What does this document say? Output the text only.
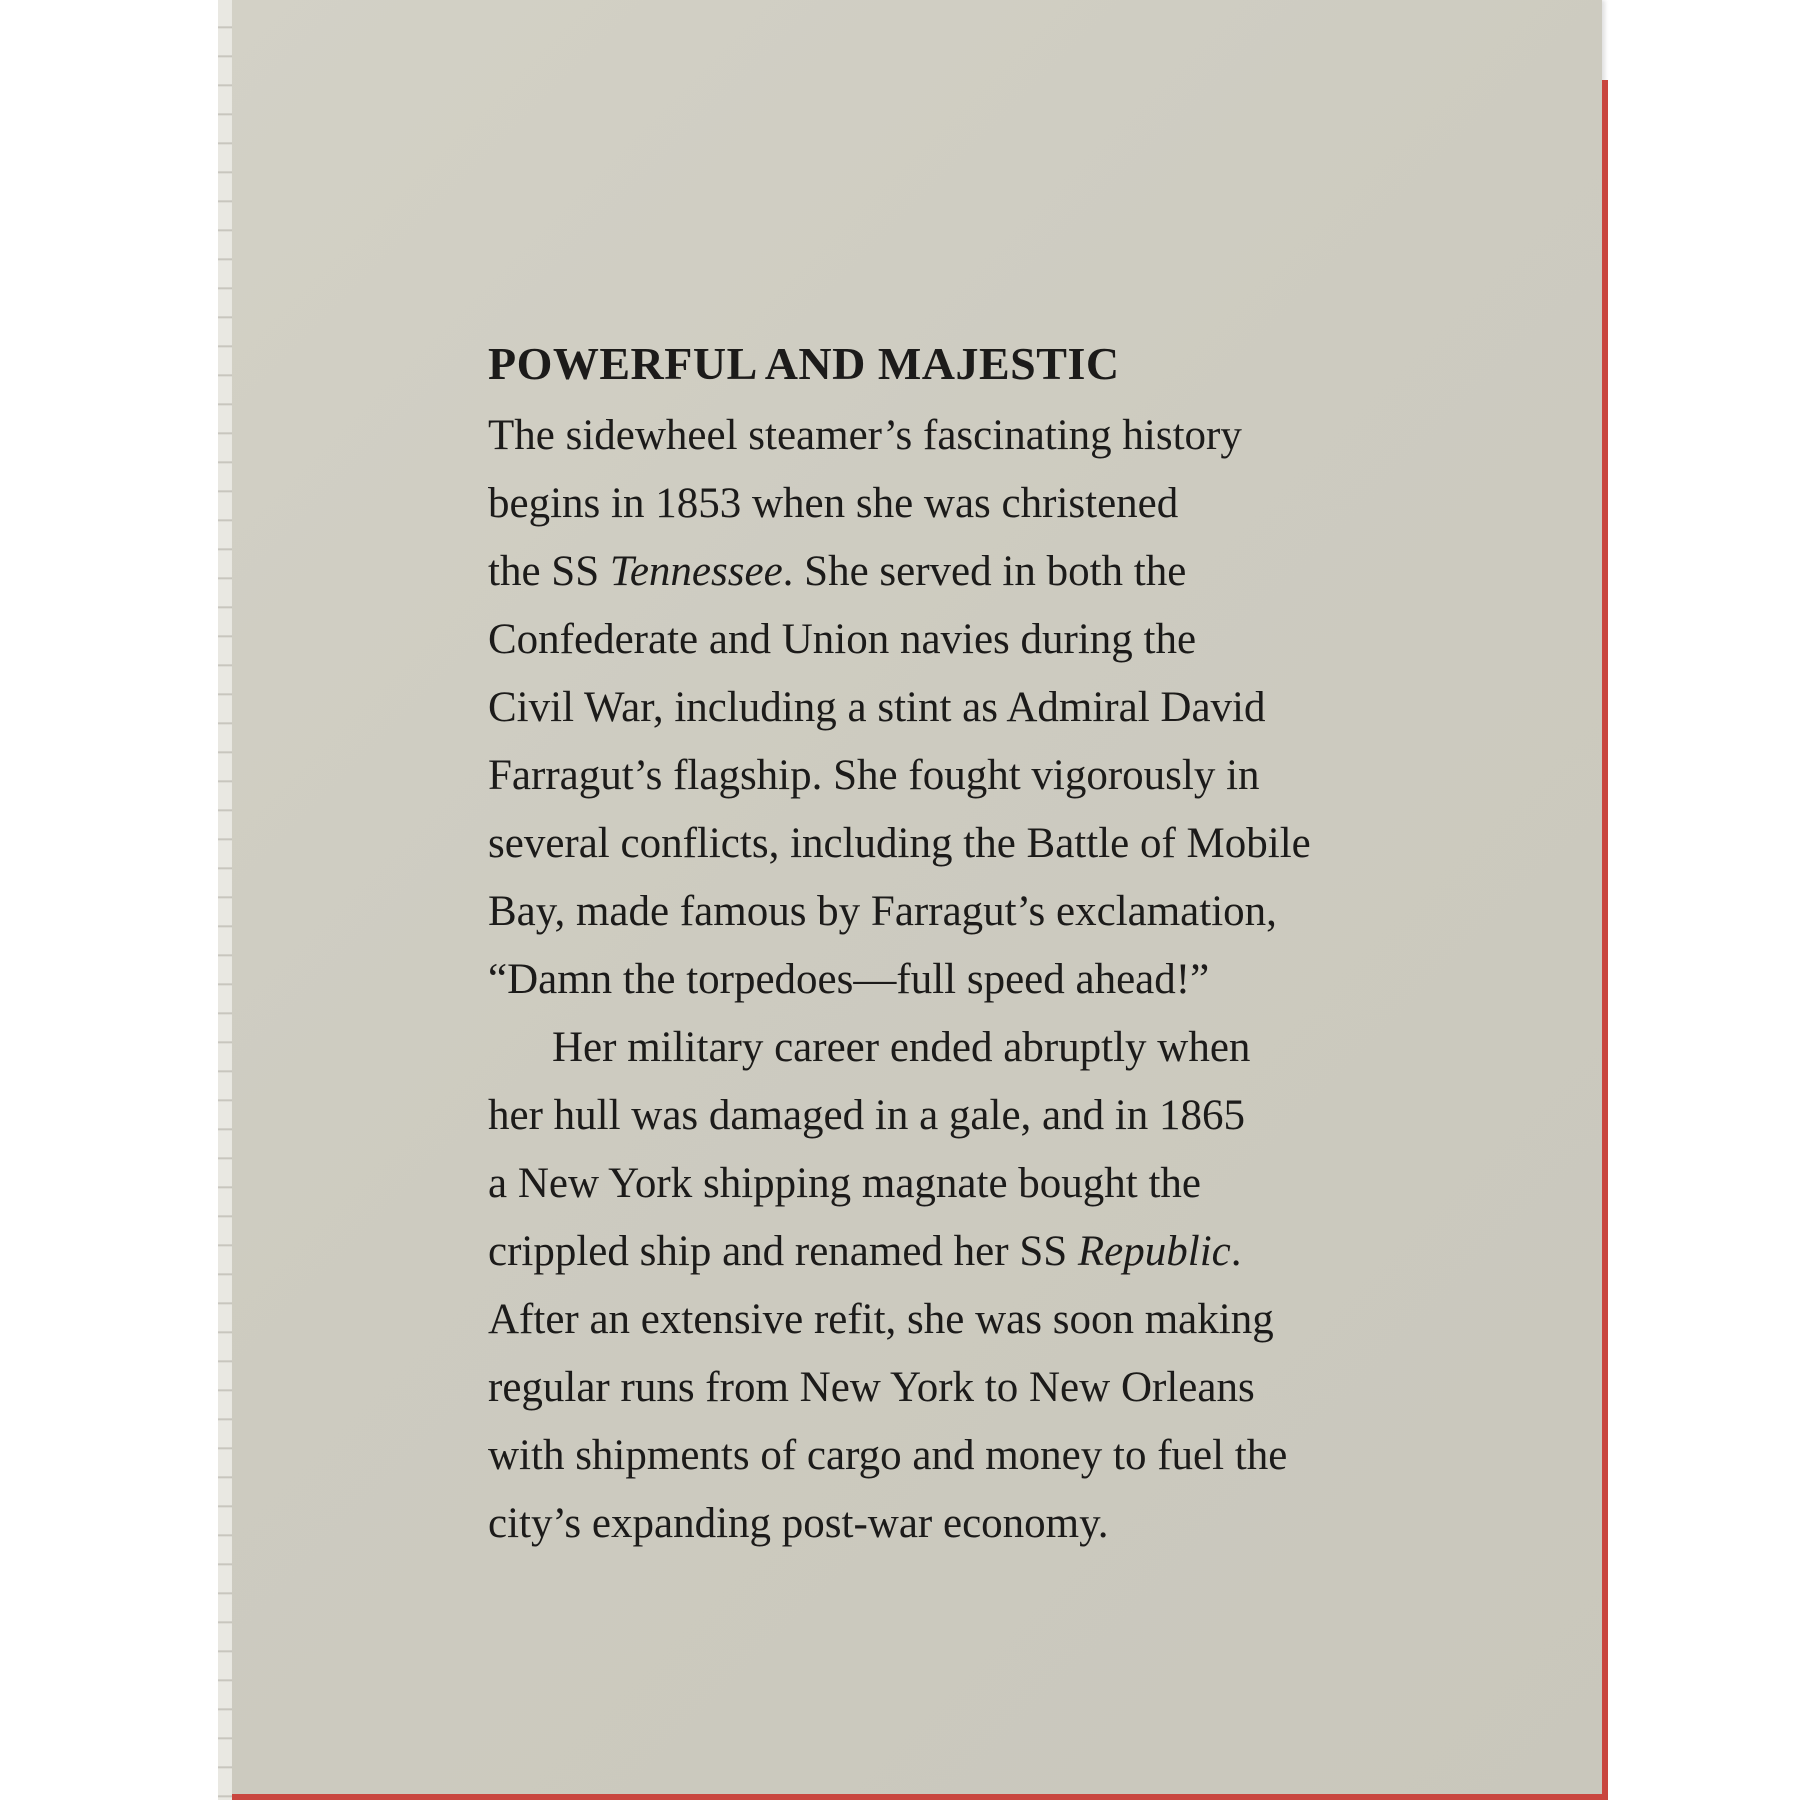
POWERFUL AND MAJESTIC

The sidewheel steamer’s fascinating history
begins in 1853 when she was christened
the SS Tennessee. She served in both the
Confederate and Union navies during the
Civil War, including a stint as Admiral David
Farragut’s flagship. She fought vigorously in
several conflicts, including the Battle of Mobile
Bay, made famous by Farragut’s exclamation,
“Damn the torpedoes—full speed ahead!”

Her military career ended abruptly when
her hull was damaged in a gale, and in 1865
a New York shipping magnate bought the
crippled ship and renamed her SS Republic.
After an extensive refit, she was soon making
regular runs from New York to New Orleans
with shipments of cargo and money to fuel the
city’s expanding post-war economy.
